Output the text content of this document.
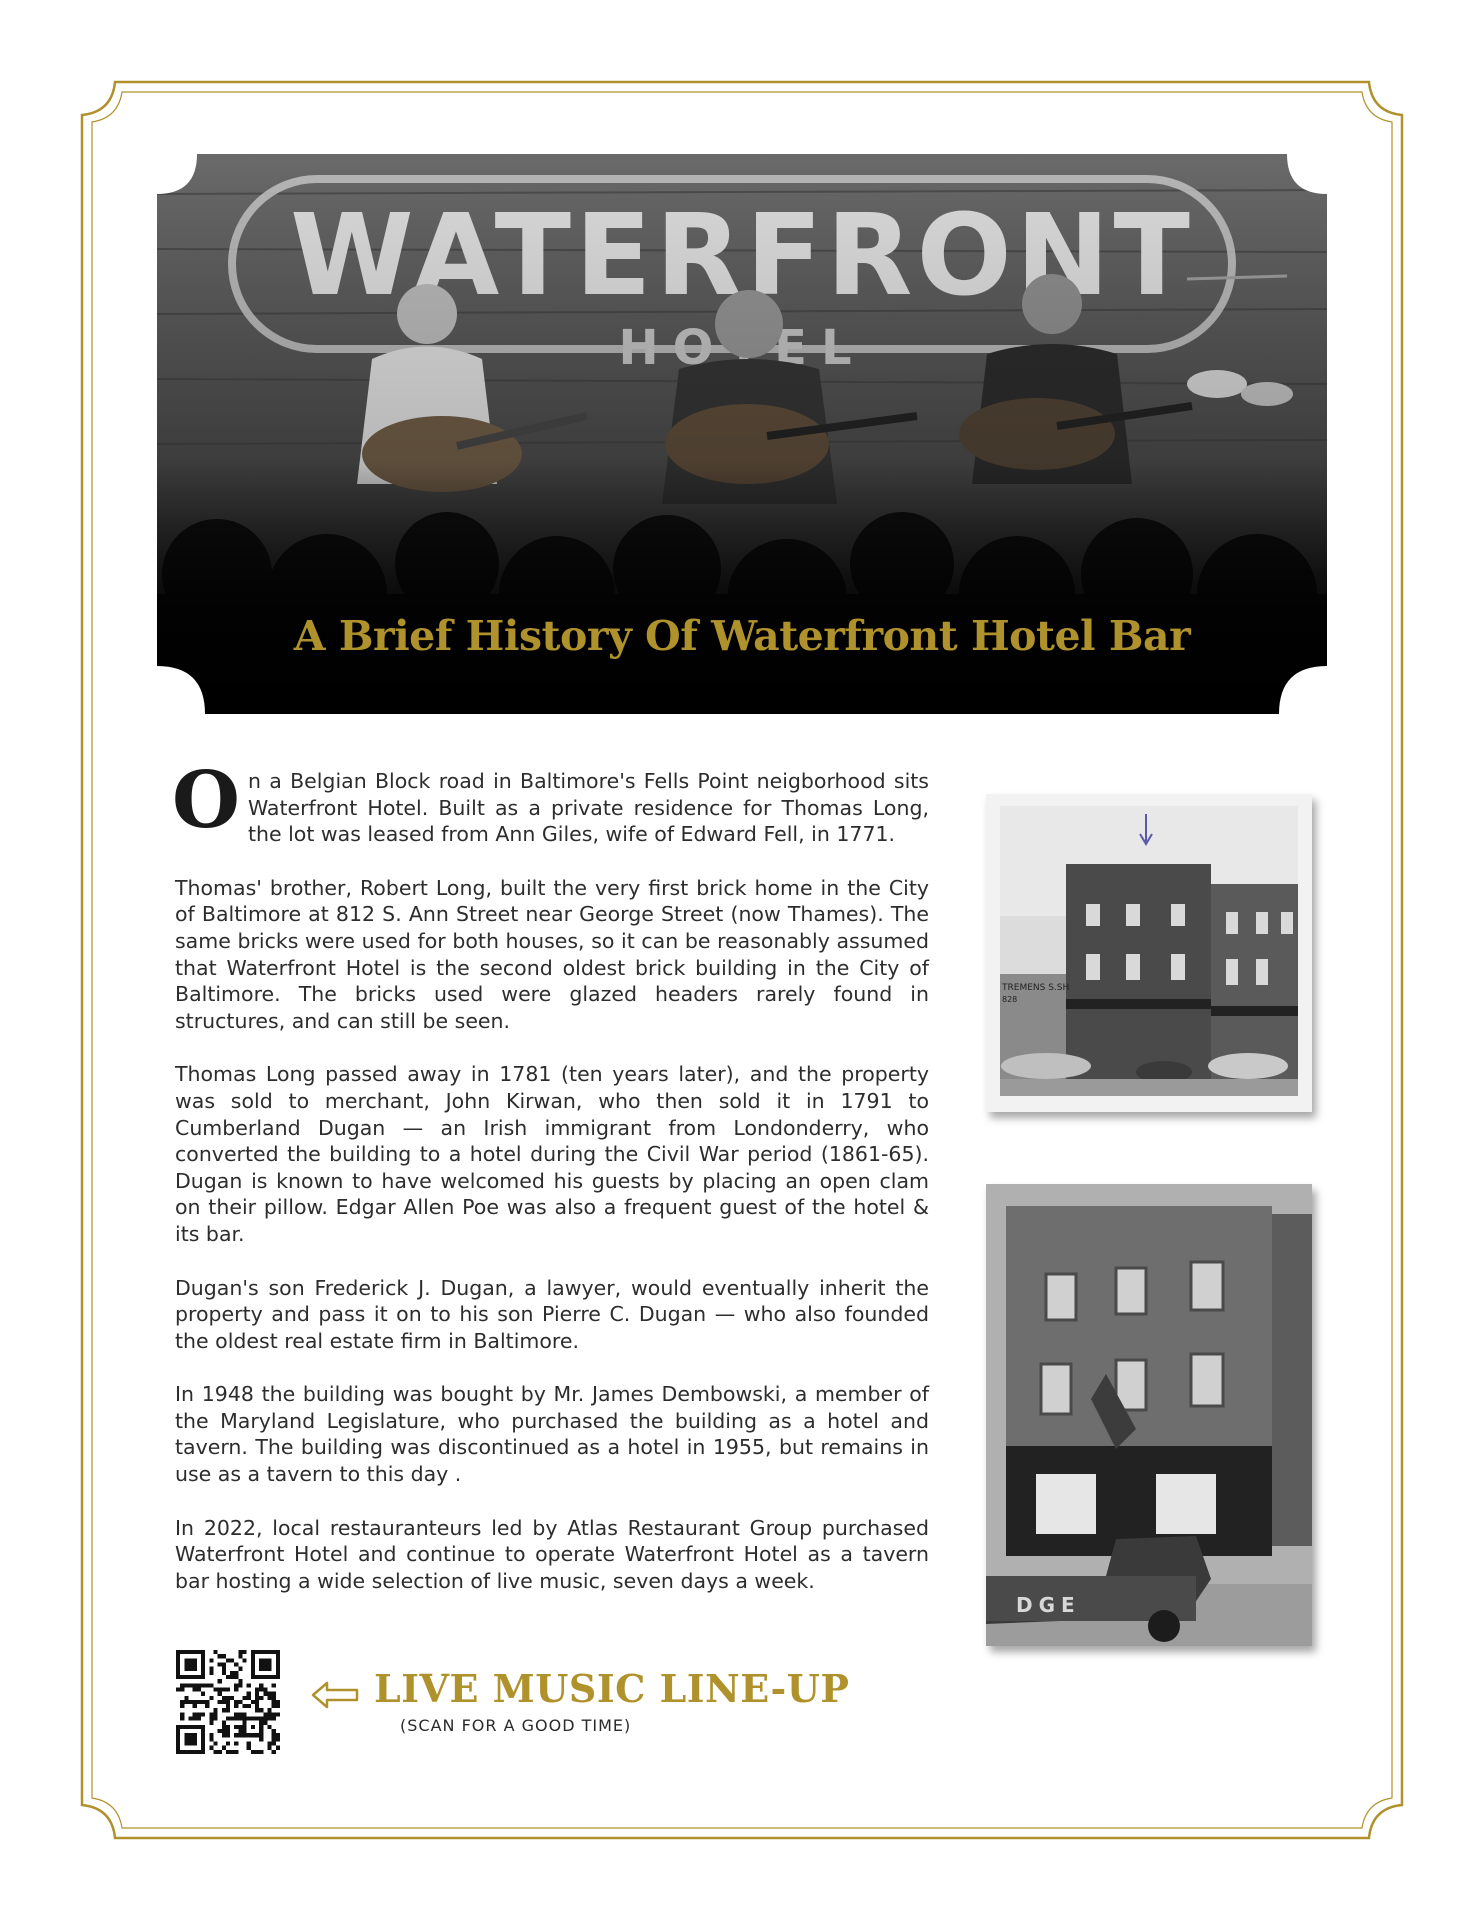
A Brief History Of Waterfront Hotel Bar

On a Belgian Block road in Baltimore's Fells Point neigborhood sits Waterfront Hotel. Built as a private residence for Thomas Long, the lot was leased from Ann Giles, wife of Edward Fell, in 1771.

Thomas' brother, Robert Long, built the very first brick home in the City of Baltimore at 812 S. Ann Street near George Street (now Thames). The same bricks were used for both houses, so it can be reasonably assumed that Waterfront Hotel is the second oldest brick building in the City of Baltimore. The bricks used were glazed headers rarely found in structures, and can still be seen.

Thomas Long passed away in 1781 (ten years later), and the property was sold to merchant, John Kirwan, who then sold it in 1791 to Cumberland Dugan — an Irish immigrant from Londonderry, who converted the building to a hotel during the Civil War period (1861-65). Dugan is known to have welcomed his guests by placing an open clam on their pillow. Edgar Allen Poe was also a frequent guest of the hotel & its bar.

Dugan's son Frederick J. Dugan, a lawyer, would eventually inherit the property and pass it on to his son Pierre C. Dugan — who also founded the oldest real estate firm in Baltimore.

In 1948 the building was bought by Mr. James Dembowski, a member of the Maryland Legislature, who purchased the building as a hotel and tavern. The building was discontinued as a hotel in 1955, but remains in use as a tavern to this day .

In 2022, local restauranteurs led by Atlas Restaurant Group purchased Waterfront Hotel and continue to operate Waterfront Hotel as a tavern bar hosting a wide selection of live music, seven days a week.

TREMENS S.SH
828
DGE
LIVE MUSIC LINE-UP
(SCAN FOR A GOOD TIME)
